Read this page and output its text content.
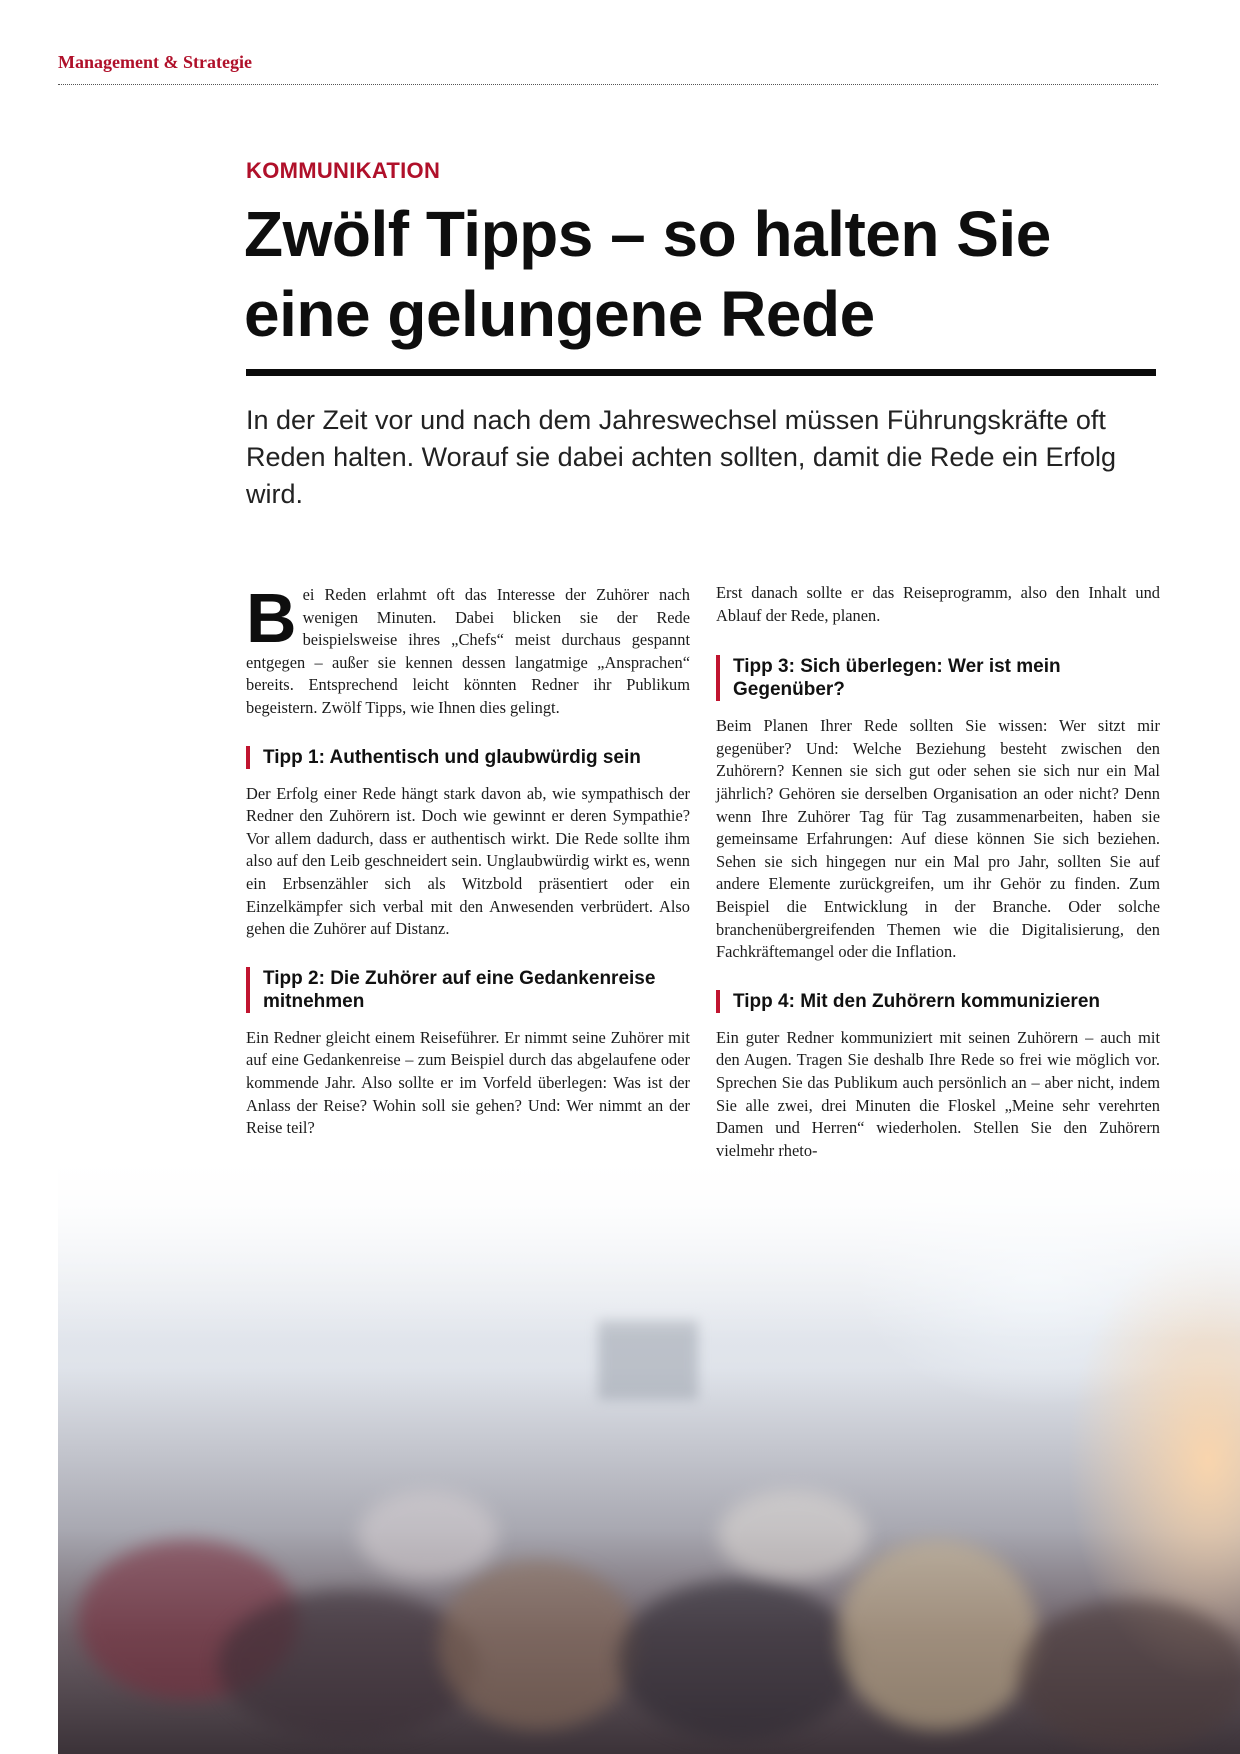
Management & Strategie
KOMMUNIKATION
Zwölf Tipps – so halten Sie
eine gelungene Rede

In der Zeit vor und nach dem Jahreswechsel müssen Führungskräfte oft Reden halten. Worauf sie dabei achten sollten, damit die Rede ein Erfolg wird.

Bei Reden erlahmt oft das Interesse der Zuhörer nach wenigen Minuten. Dabei blicken sie der Rede beispielsweise ihres „Chefs“ meist durchaus gespannt entgegen – außer sie kennen dessen langatmige „Ansprachen“ bereits. Entsprechend leicht könnten Redner ihr Publikum begeistern. Zwölf Tipps, wie Ihnen dies gelingt.

Tipp 1: Authentisch und glaubwürdig sein

Der Erfolg einer Rede hängt stark davon ab, wie sympathisch der Redner den Zuhörern ist. Doch wie gewinnt er deren Sympathie? Vor allem dadurch, dass er authentisch wirkt. Die Rede sollte ihm also auf den Leib geschneidert sein. Unglaubwürdig wirkt es, wenn ein Erbsenzähler sich als Witzbold präsentiert oder ein Einzelkämpfer sich verbal mit den Anwesenden verbrüdert. Also gehen die Zuhörer auf Distanz.

Tipp 2: Die Zuhörer auf eine Gedankenreise mitnehmen

Ein Redner gleicht einem Reiseführer. Er nimmt seine Zuhörer mit auf eine Gedankenreise – zum Beispiel durch das abgelaufene oder kommende Jahr. Also sollte er im Vorfeld überlegen: Was ist der Anlass der Reise? Wohin soll sie gehen? Und: Wer nimmt an der Reise teil?

Erst danach sollte er das Reiseprogramm, also den Inhalt und Ablauf der Rede, planen.

Tipp 3: Sich überlegen: Wer ist mein Gegenüber?

Beim Planen Ihrer Rede sollten Sie wissen: Wer sitzt mir gegenüber? Und: Welche Beziehung besteht zwischen den Zuhörern? Kennen sie sich gut oder sehen sie sich nur ein Mal jährlich? Gehören sie derselben Organisation an oder nicht? Denn wenn Ihre Zuhörer Tag für Tag zusammenarbeiten, haben sie gemeinsame Erfahrungen: Auf diese können Sie sich beziehen. Sehen sie sich hingegen nur ein Mal pro Jahr, sollten Sie auf andere Elemente zurückgreifen, um ihr Gehör zu finden. Zum Beispiel die Entwicklung in der Branche. Oder solche branchenübergreifenden Themen wie die Digitalisierung, den Fachkräftemangel oder die Inflation.

Tipp 4: Mit den Zuhörern kommunizieren

Ein guter Redner kommuniziert mit seinen Zuhörern – auch mit den Augen. Tragen Sie deshalb Ihre Rede so frei wie möglich vor. Sprechen Sie das Publikum auch persönlich an – aber nicht, indem Sie alle zwei, drei Minuten die Floskel „Meine sehr verehrten Damen und Herren“ wiederholen. Stellen Sie den Zuhörern vielmehr rheto-
